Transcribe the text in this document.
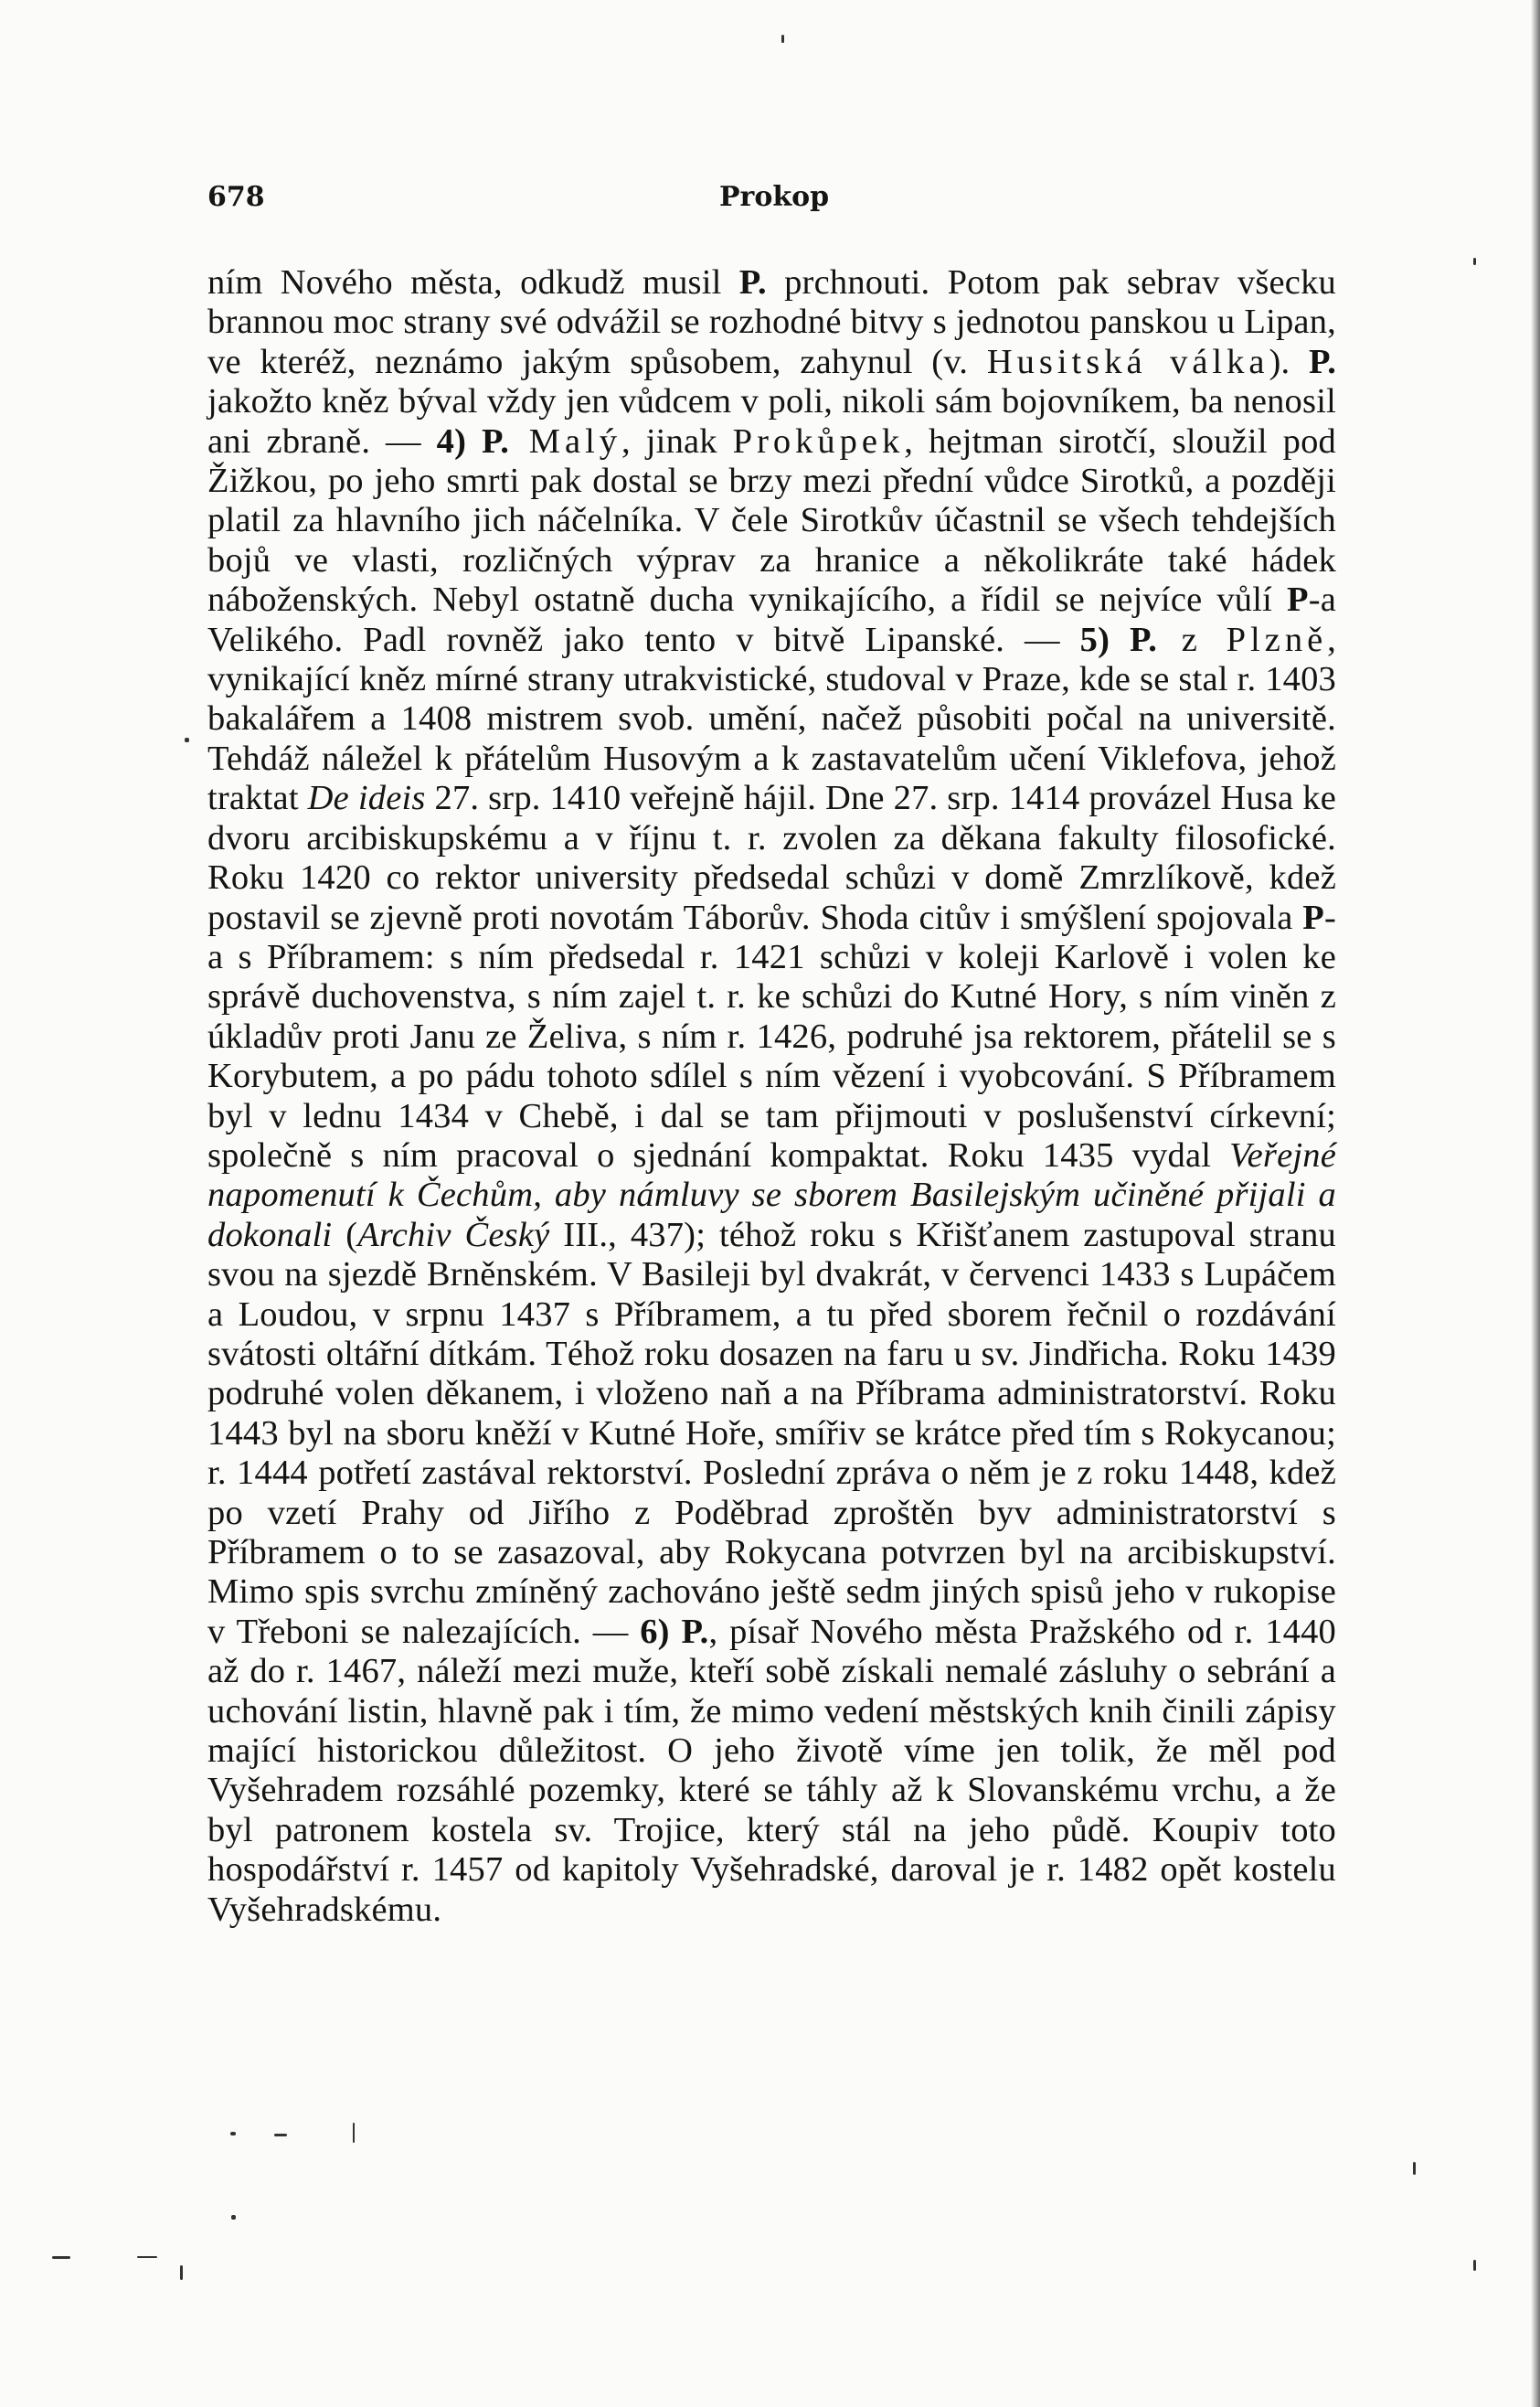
678	Prokop

ním Nového města, odkudž musil P. prchnouti. Potom pak sebrav všecku brannou moc strany své odvážil se rozhodné bitvy s jednotou panskou u Lipan, ve kteréž, neznámo jakým spůsobem, zahynul (v. Husitská válka). P. jakožto kněz býval vždy jen vůdcem v poli, nikoli sám bojovníkem, ba nenosil ani zbraně. — 4) P. Malý, jinak Prokůpek, hejtman sirotčí, sloužil pod Žižkou, po jeho smrti pak dostal se brzy mezi přední vůdce Sirotků, a později platil za hlavního jich náčelníka. V čele Sirotkův účastnil se všech tehdejších bojů ve vlasti, rozličných výprav za hranice a několikráte také hádek náboženských. Nebyl ostatně ducha vynikajícího, a řídil se nejvíce vůlí P-a Velikého. Padl rovněž jako tento v bitvě Lipanské. — 5) P. z Plzně, vynikající kněz mírné strany utrakvistické, studoval v Praze, kde se stal r. 1403 bakalářem a 1408 mistrem svob. umění, načež působiti počal na universitě. Tehdáž náležel k přátelům Husovým a k zastavatelům učení Viklefova, jehož traktat De ideis 27. srp. 1410 veřejně hájil. Dne 27. srp. 1414 provázel Husa ke dvoru arcibiskupskému a v říjnu t. r. zvolen za děkana fakulty filosofické. Roku 1420 co rektor university předsedal schůzi v domě Zmrzlíkově, kdež postavil se zjevně proti novotám Táborův. Shoda citův i smýšlení spojovala P-a s Příbramem: s ním předsedal r. 1421 schůzi v koleji Karlově i volen ke správě duchovenstva, s ním zajel t. r. ke schůzi do Kutné Hory, s ním viněn z úkladův proti Janu ze Želiva, s ním r. 1426, podruhé jsa rektorem, přátelil se s Korybutem, a po pádu tohoto sdílel s ním vězení i vyobcování. S Příbramem byl v lednu 1434 v Chebě, i dal se tam přijmouti v poslušenství církevní; společně s ním pracoval o sjednání kompaktat. Roku 1435 vydal Veřejné napomenutí k Čechům, aby námluvy se sborem Basilejským učiněné přijali a dokonali (Archiv Český III., 437); téhož roku s Křišťanem zastupoval stranu svou na sjezdě Brněnském. V Basileji byl dvakrát, v červenci 1433 s Lupáčem a Loudou, v srpnu 1437 s Příbramem, a tu před sborem řečnil o rozdávání svátosti oltářní dítkám. Téhož roku dosazen na faru u sv. Jindřicha. Roku 1439 podruhé volen děkanem, i vloženo naň a na Příbrama administratorství. Roku 1443 byl na sboru kněží v Kutné Hoře, smířiv se krátce před tím s Rokycanou; r. 1444 potřetí zastával rektorství. Poslední zpráva o něm je z roku 1448, kdež po vzetí Prahy od Jiřího z Poděbrad zproštěn byv administratorství s Příbramem o to se zasazoval, aby Rokycana potvrzen byl na arcibiskupství. Mimo spis svrchu zmíněný zachováno ještě sedm jiných spisů jeho v rukopise v Třeboni se nalezajících. — 6) P., písař Nového města Pražského od r. 1440 až do r. 1467, náleží mezi muže, kteří sobě získali nemalé zásluhy o sebrání a uchování listin, hlavně pak i tím, že mimo vedení městských knih činili zápisy mající historickou důležitost. O jeho životě víme jen tolik, že měl pod Vyšehradem rozsáhlé pozemky, které se táhly až k Slovanskému vrchu, a že byl patronem kostela sv. Trojice, který stál na jeho půdě. Koupiv toto hospodářství r. 1457 od kapitoly Vyšehradské, daroval je r. 1482 opět kostelu Vyšehradskému.
